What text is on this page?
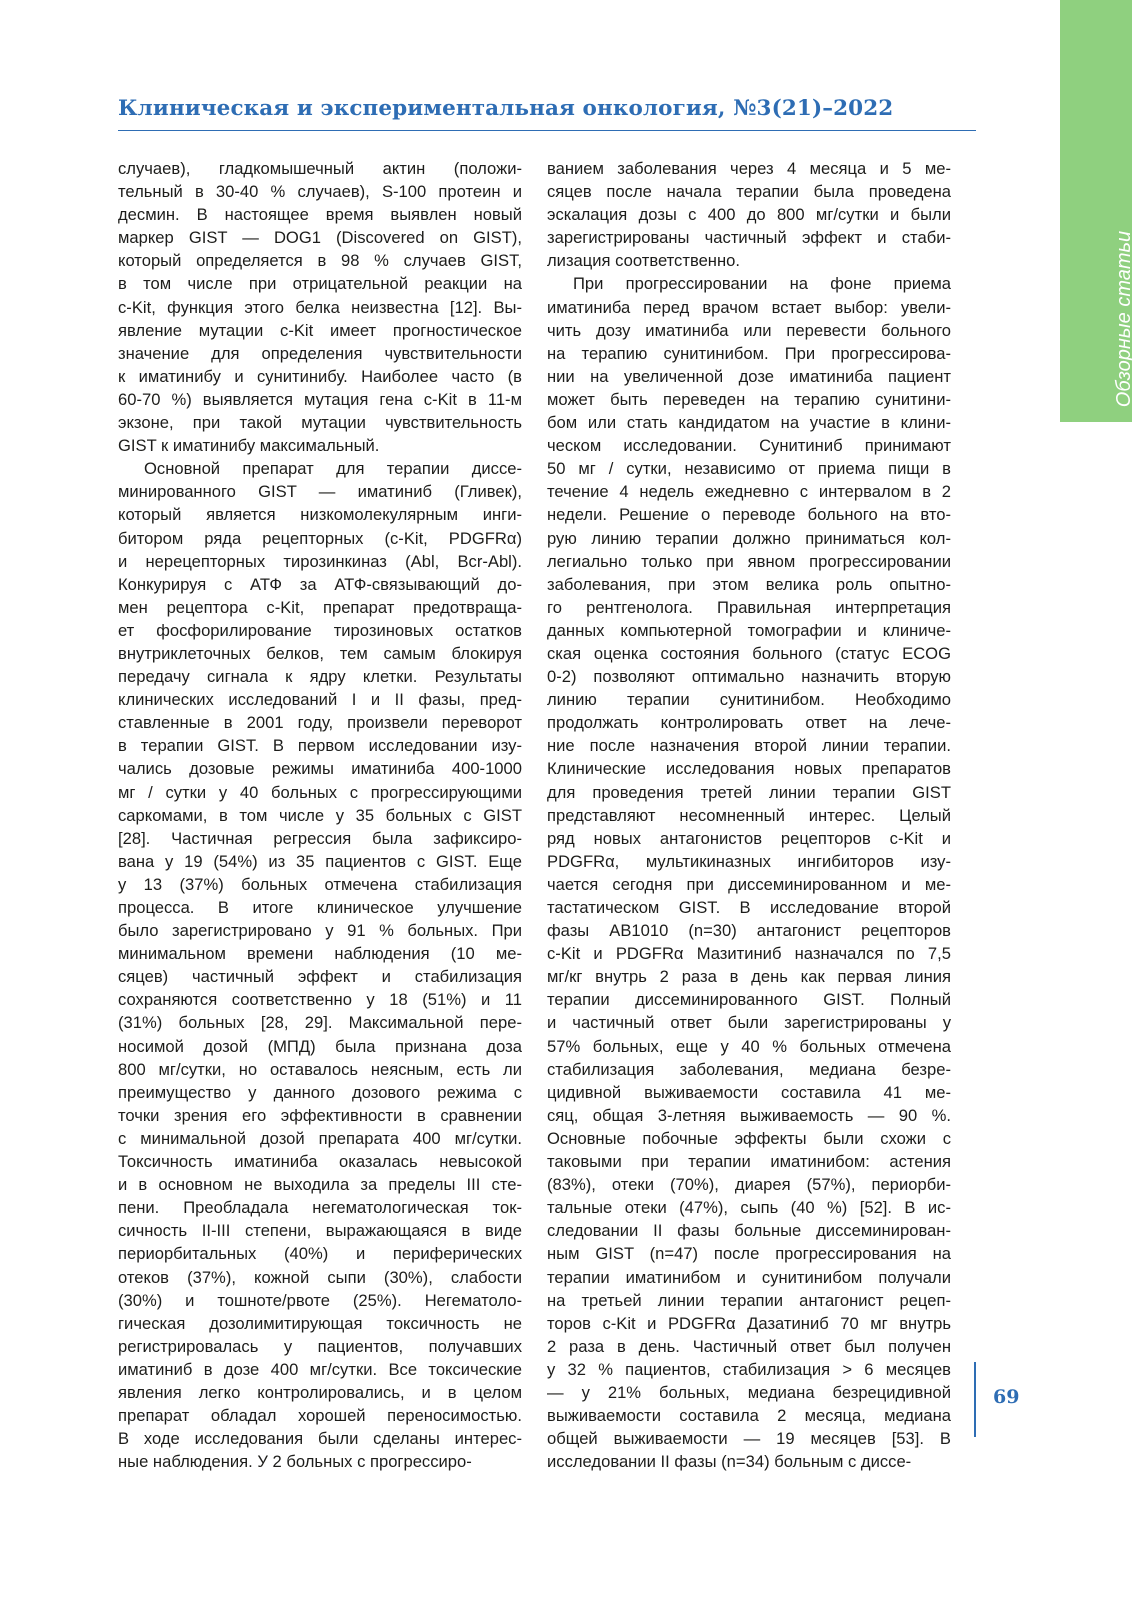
Обзорные статьи
Клиническая и экспериментальная онкология, №3(21)–2022
случаев), гладкомышечный актин (положи-
тельный в 30-40 % случаев), S-100 протеин и
десмин. В настоящее время выявлен новый
маркер GIST — DOG1 (Discovered on GIST),
который определяется в 98 % случаев GIST,
в том числе при отрицательной реакции на
c-Kit, функция этого белка неизвестна [12]. Вы-
явление мутации c-Kit имеет прогностическое
значение для определения чувствительности
к иматинибу и сунитинибу. Наиболее часто (в
60-70 %) выявляется мутация гена c-Kit в 11-м
экзоне, при такой мутации чувствительность
GIST к иматинибу максимальный.
Основной препарат для терапии диссе-
минированного GIST — иматиниб (Гливек),
который является низкомолекулярным инги-
битором ряда рецепторных (c-Kit, PDGFRα)
и нерецепторных тирозинкиназ (Abl, Bcr-Abl).
Конкурируя с АТФ за АТФ-связывающий до-
мен рецептора c-Kit, препарат предотвраща-
ет фосфорилирование тирозиновых остатков
внутриклеточных белков, тем самым блокируя
передачу сигнала к ядру клетки. Результаты
клинических исследований I и II фазы, пред-
ставленные в 2001 году, произвели переворот
в терапии GIST. В первом исследовании изу-
чались дозовые режимы иматиниба 400-1000
мг / сутки у 40 больных с прогрессирующими
саркомами, в том числе у 35 больных с GIST
[28]. Частичная регрессия была зафиксиро-
вана у 19 (54%) из 35 пациентов с GIST. Еще
у 13 (37%) больных отмечена стабилизация
процесса. В итоге клиническое улучшение
было зарегистрировано у 91 % больных. При
минимальном времени наблюдения (10 ме-
сяцев) частичный эффект и стабилизация
сохраняются соответственно у 18 (51%) и 11
(31%) больных [28, 29]. Максимальной пере-
носимой дозой (МПД) была признана доза
800 мг/сутки, но оставалось неясным, есть ли
преимущество у данного дозового режима с
точки зрения его эффективности в сравнении
с минимальной дозой препарата 400 мг/сутки.
Токсичность иматиниба оказалась невысокой
и в основном не выходила за пределы III сте-
пени. Преобладала негематологическая ток-
сичность II-III степени, выражающаяся в виде
периорбитальных (40%) и периферических
отеков (37%), кожной сыпи (30%), слабости
(30%) и тошноте/рвоте (25%). Негематоло-
гическая дозолимитирующая токсичность не
регистрировалась у пациентов, получавших
иматиниб в дозе 400 мг/сутки. Все токсические
явления легко контролировались, и в целом
препарат обладал хорошей переносимостью.
В ходе исследования были сделаны интерес-
ные наблюдения. У 2 больных с прогрессиро-
ванием заболевания через 4 месяца и 5 ме-
сяцев после начала терапии была проведена
эскалация дозы с 400 до 800 мг/сутки и были
зарегистрированы частичный эффект и стаби-
лизация соответственно.
При прогрессировании на фоне приема
иматиниба перед врачом встает выбор: увели-
чить дозу иматиниба или перевести больного
на терапию сунитинибом. При прогрессирова-
нии на увеличенной дозе иматиниба пациент
может быть переведен на терапию сунитини-
бом или стать кандидатом на участие в клини-
ческом исследовании. Сунитиниб принимают
50 мг / сутки, независимо от приема пищи в
течение 4 недель ежедневно с интервалом в 2
недели. Решение о переводе больного на вто-
рую линию терапии должно приниматься кол-
легиально только при явном прогрессировании
заболевания, при этом велика роль опытно-
го рентгенолога. Правильная интерпретация
данных компьютерной томографии и клиниче-
ская оценка состояния больного (статус ECOG
0-2) позволяют оптимально назначить вторую
линию терапии сунитинибом. Необходимо
продолжать контролировать ответ на лече-
ние после назначения второй линии терапии.
Клинические исследования новых препаратов
для проведения третей линии терапии GIST
представляют несомненный интерес. Целый
ряд новых антагонистов рецепторов c-Kit и
PDGFRα, мультикиназных ингибиторов изу-
чается сегодня при диссеминированном и ме-
тастатическом GIST. В исследование второй
фазы AB1010 (n=30) антагонист рецепторов
c-Kit и PDGFRα Мазитиниб назначался по 7,5
мг/кг внутрь 2 раза в день как первая линия
терапии диссеминированного GIST. Полный
и частичный ответ были зарегистрированы у
57% больных, еще у 40 % больных отмечена
стабилизация заболевания, медиана безре-
цидивной выживаемости составила 41 ме-
сяц, общая 3-летняя выживаемость — 90 %.
Основные побочные эффекты были схожи с
таковыми при терапии иматинибом: астения
(83%), отеки (70%), диарея (57%), периорби-
тальные отеки (47%), сыпь (40 %) [52]. В ис-
следовании II фазы больные диссеминирован-
ным GIST (n=47) после прогрессирования на
терапии иматинибом и сунитинибом получали
на третьей линии терапии антагонист рецеп-
торов c-Kit и PDGFRα Дазатиниб 70 мг внутрь
2 раза в день. Частичный ответ был получен
у 32 % пациентов, стабилизация > 6 месяцев
— у 21% больных, медиана безрецидивной
выживаемости составила 2 месяца, медиана
общей выживаемости — 19 месяцев [53]. В
исследовании II фазы (n=34) больным с диссе-
69
